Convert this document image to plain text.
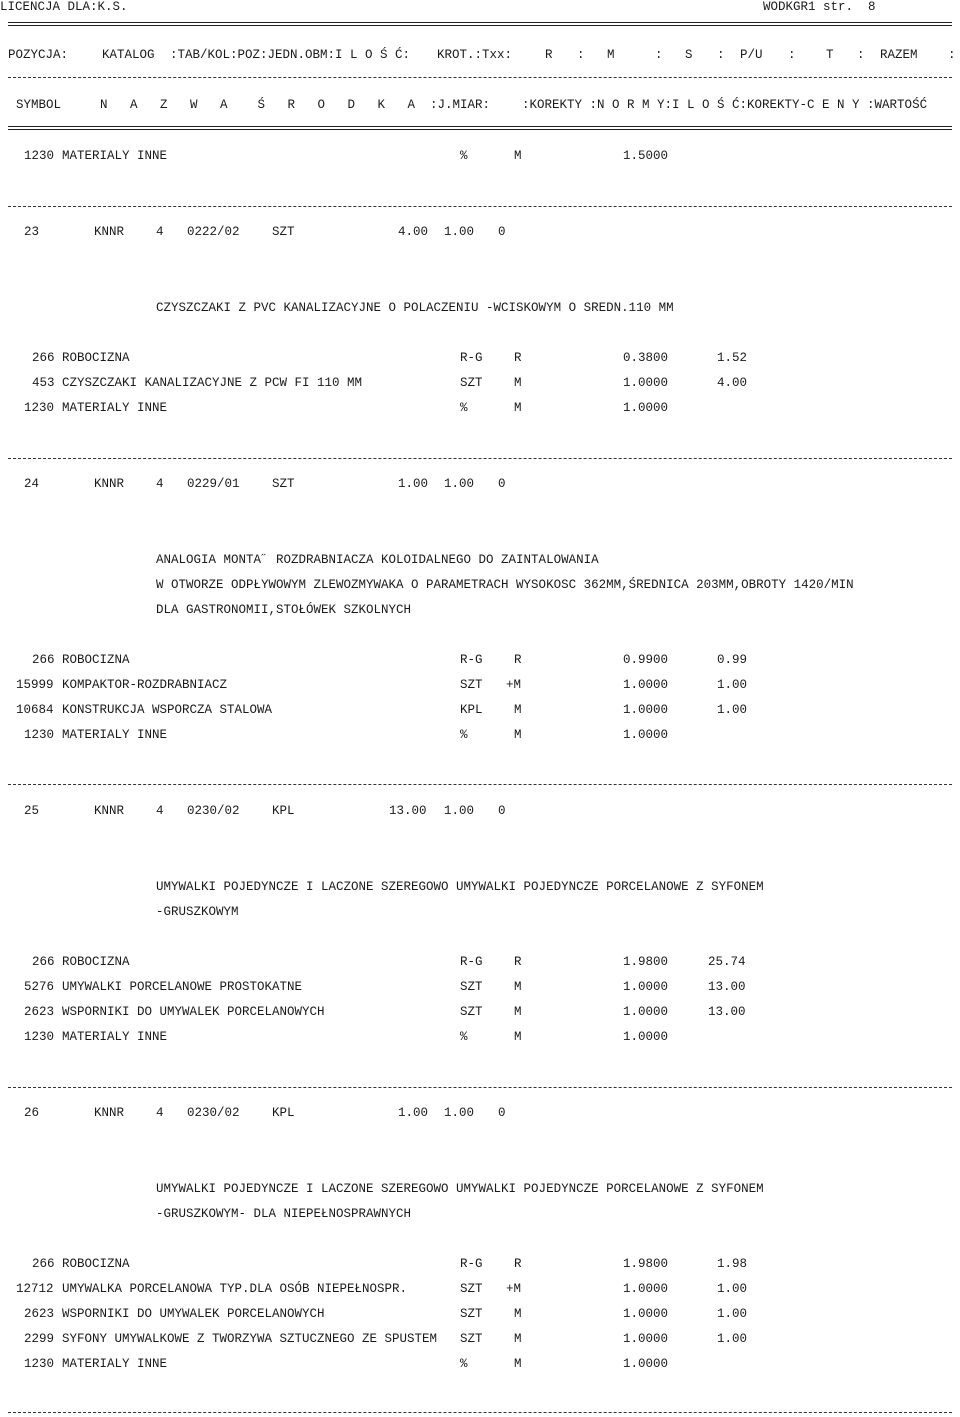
LICENCJA DLA:K.S.	WODKGR1 str.  8
POZYCJA:	KATALOG :TAB/KOL:POZ:JEDN.OBM:I L O Ś Ć: KROT.:Txx:	R : M	: S : P/U : T : RAZEM :
SYMBOL	N   A   Z   W   A    Ś   R   O   D   K   A  :J.MIAR:	:KOREKTY :N O R M Y:I L O Ś Ć:KOREKTY-C E N Y :WARTOŚĆ
1230 MATERIALY INNE	%	M	1.5000
23	KNNR	4 0222/02	SZT	4.00 1.00 0
CZYSZCZAKI Z PVC KANALIZACYJNE O POLACZENIU -WCISKOWYM O SREDN.110 MM
266 ROBOCIZNA	R-G	R	0.3800	1.52
453 CZYSZCZAKI KANALIZACYJNE Z PCW FI 110 MM	SZT	M	1.0000	4.00
1230 MATERIALY INNE	%	M	1.0000
24	KNNR	4 0229/01	SZT	1.00 1.00 0
ANALOGIA MONTA˝ ROZDRABNIACZA KOLOIDALNEGO DO ZAINTALOWANIA
W OTWORZE ODPŁYWOWYM ZLEWOZMYWAKA O PARAMETRACH WYSOKOSC 362MM,ŚREDNICA 203MM,OBROTY 1420/MIN
DLA GASTRONOMII,STOŁÓWEK SZKOLNYCH
266 ROBOCIZNA	R-G	R	0.9900	0.99
15999 KOMPAKTOR-ROZDRABNIACZ	SZT +M	1.0000	1.00
10684 KONSTRUKCJA WSPORCZA STALOWA	KPL	M	1.0000	1.00
1230 MATERIALY INNE	%	M	1.0000
25	KNNR	4 0230/02	KPL	13.00 1.00 0
UMYWALKI POJEDYNCZE I LACZONE SZEREGOWO UMYWALKI POJEDYNCZE PORCELANOWE Z SYFONEM
-GRUSZKOWYM
266 ROBOCIZNA	R-G	R	1.9800	25.74
5276 UMYWALKI PORCELANOWE PROSTOKATNE	SZT	M	1.0000	13.00
2623 WSPORNIKI DO UMYWALEK PORCELANOWYCH	SZT	M	1.0000	13.00
1230 MATERIALY INNE	%	M	1.0000
26	KNNR	4 0230/02	KPL	1.00 1.00 0
UMYWALKI POJEDYNCZE I LACZONE SZEREGOWO UMYWALKI POJEDYNCZE PORCELANOWE Z SYFONEM
-GRUSZKOWYM- DLA NIEPEŁNOSPRAWNYCH
266 ROBOCIZNA	R-G	R	1.9800	1.98
12712 UMYWALKA PORCELANOWA TYP.DLA OSÓB NIEPEŁNOSPR.	SZT +M	1.0000	1.00
2623 WSPORNIKI DO UMYWALEK PORCELANOWYCH	SZT	M	1.0000	1.00
2299 SYFONY UMYWALKOWE Z TWORZYWA SZTUCZNEGO ZE SPUSTEM SZT	M	1.0000	1.00
1230 MATERIALY INNE	%	M	1.0000
